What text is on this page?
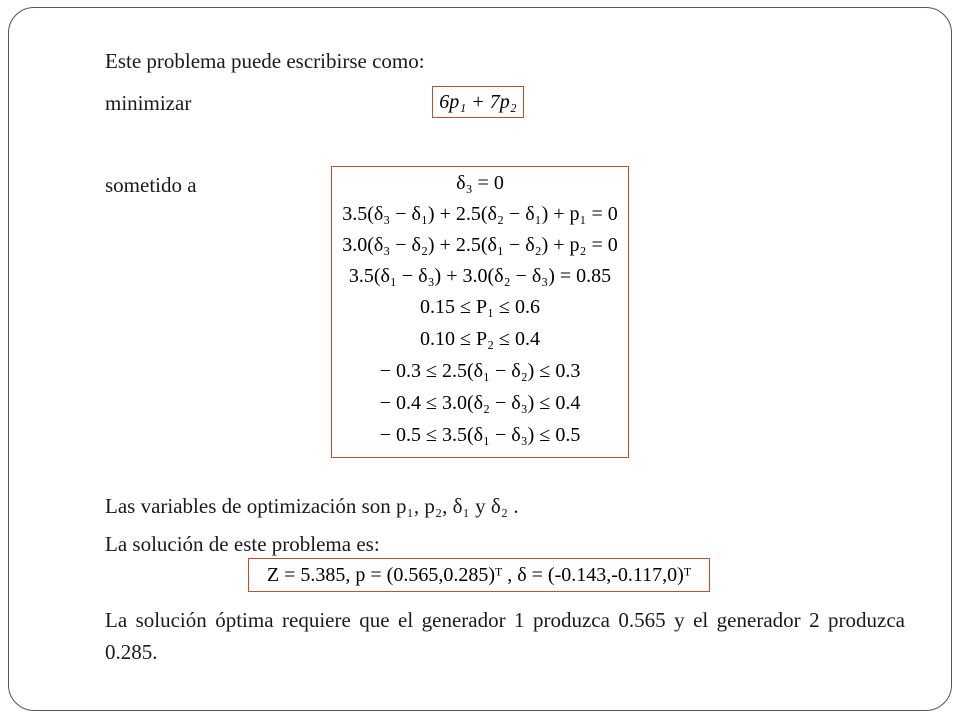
Este problema puede escribirse como:
minimizar	6p₁ + 7p₂
sometido a	δ₃ = 0
3.5(δ₃ − δ₁) + 2.5(δ₂ − δ₁) + p₁ = 0
3.0(δ₃ − δ₂) + 2.5(δ₁ − δ₂) + p₂ = 0
3.5(δ₁ − δ₃) + 3.0(δ₂ − δ₃) = 0.85
0.15 ≤ P₁ ≤ 0.6
0.10 ≤ P₂ ≤ 0.4
− 0.3 ≤ 2.5(δ₁ − δ₂) ≤ 0.3
− 0.4 ≤ 3.0(δ₂ − δ₃) ≤ 0.4
− 0.5 ≤ 3.5(δ₁ − δ₃) ≤ 0.5
Las variables de optimización son p₁, p₂, δ₁ y δ₂ .
La solución de este problema es:
Z = 5.385, p = (0.565,0.285)ᵀ , δ = (-0.143,-0.117,0)ᵀ
La solución óptima requiere que el generador 1 produzca 0.565 y el generador 2 produzca 0.285.
